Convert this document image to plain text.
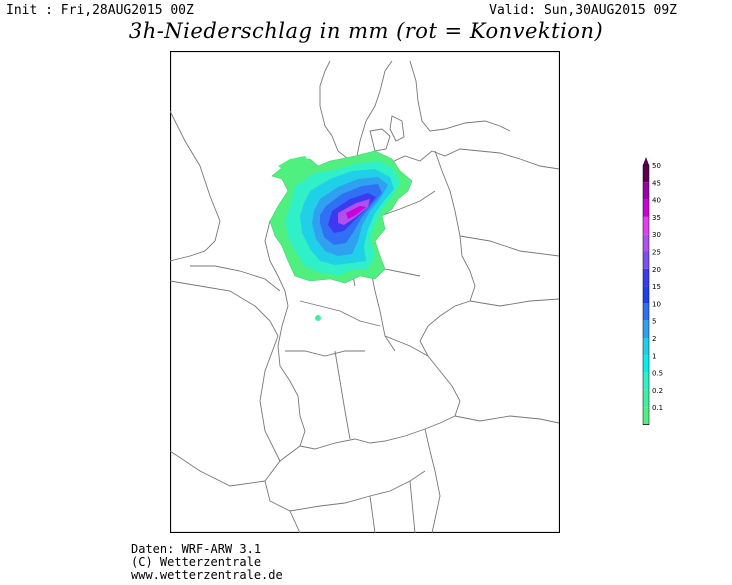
Init : Fri,28AUG2015 00Z	Valid: Sun,30AUG2015 09Z
3h-Niederschlag in mm (rot = Konvektion)
50
45
40
35
30
25
20
15
10
5
2
1
0.5
0.2
0.1
Daten: WRF-ARW 3.1
(C) Wetterzentrale
www.wetterzentrale.de
